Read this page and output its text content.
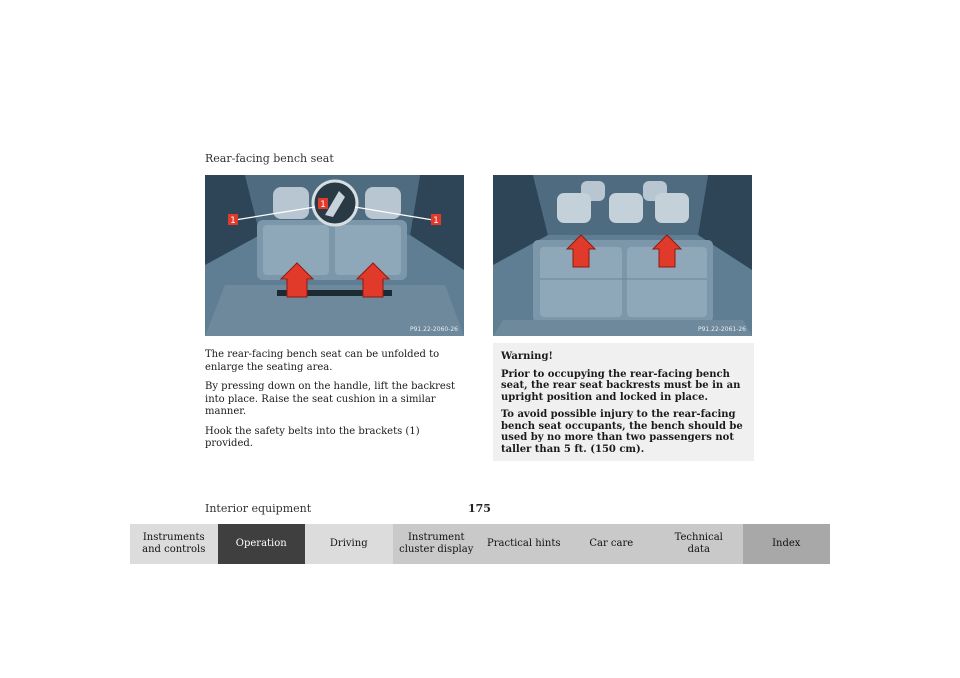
Rear-facing bench seat
1	1
1
P91.22-2060-26	P91.22-2061-26

The rear-facing bench seat can be unfolded to enlarge the seating area.

By pressing down on the handle, lift the backrest into place. Raise the seat cushion in a similar manner.

Hook the safety belts into the brackets (1) provided.

Warning!

Prior to occupying the rear-facing bench seat, the rear seat backrests must be in an upright position and locked in place.

To avoid possible injury to the rear-facing bench seat occupants, the bench should be used by no more than two passengers not taller than 5 ft. (150 cm).

Interior equipment	175
Instruments
and controls
Operation	Driving
Instrument
cluster display
Practical hints	Car care
Technical
data
Index
